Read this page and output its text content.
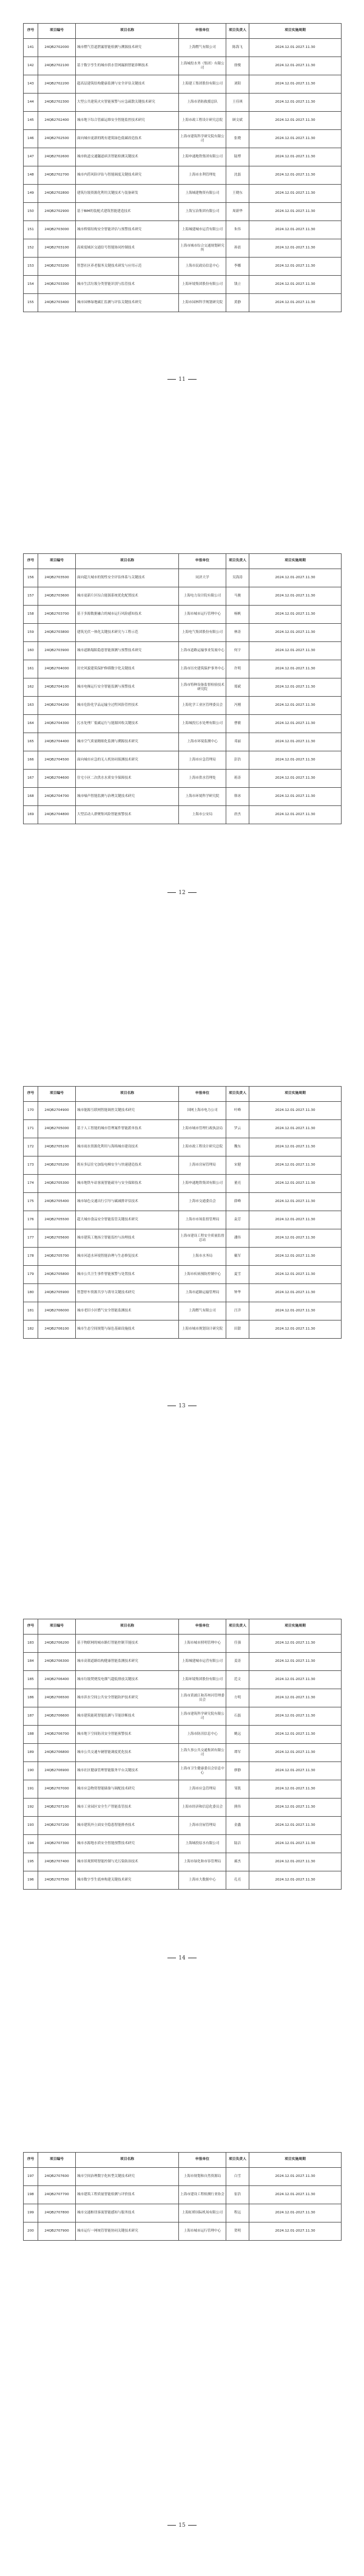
序号	项目编号	项目名称	申报单位	项目负责人	项目实施周期
141	24QB2702000	城市燃气管道泄漏智能检测与溯源技术研究	上海燃气有限公司	陈海飞	2024.12.01-2027.11.30
142	24QB2702100	基于数字孪生的城市供水管网漏损智能诊断技术	上海城投水务（集团）有限公司	徐俊	2024.12.01-2027.11.30
143	24QB2702200	超高层建筑结构健康监测与安全评估关键技术	上海建工集团股份有限公司	刘阳	2024.12.01-2027.11.30
144	24QB2702300	大型公共建筑火灾智能预警与应急疏散关键技术研究	上海市消防救援总队	王佳琪	2024.12.01-2027.11.30
145	24QB2702400	城市地下综合管廊运维安全智能监控技术研究	上海市政工程设计研究总院	顾文斌	2024.12.01-2027.11.30
146	24QB2702500	面向城市更新的既有建筑绿色低碳改造技术	上海市建筑科学研究院有限公司	张晓	2024.12.01-2027.11.30
147	24QB2702600	城市轨道交通隧道病害智能检测关键技术	上海申通地铁集团有限公司	陆博	2024.12.01-2027.11.30
148	24QB2702700	城市内涝风险评估与智能调度关键技术研究	上海市水利管理处	沈磊	2024.12.01-2027.11.30
149	24QB2702800	建筑垃圾资源化利用关键技术与装备研发	上海城建物资有限公司	王晓东	2024.12.01-2027.11.30
150	24QB2702900	基于BIM的装配式建筑智能建造技术	上海宝冶集团有限公司	周新华	2024.12.01-2027.11.30
151	24QB2703000	城市桥梁结构安全智能评估与预警技术研究	上海城建城市运营有限公司	朱伟	2024.12.01-2027.11.30
152	24QB2703100	高密度城区交通信号智能协同控制技术	上海市城市综合交通规划研究所	孙晨	2024.12.01-2027.11.30
153	24QB2703200	智慧社区养老服务关键技术研发与应用示范	上海市民政局信息中心	李娜	2024.12.01-2027.11.30
154	24QB2703300	城市生活垃圾分类智能识别与监管技术	上海环境集团股份有限公司	钱立	2024.12.01-2027.11.30
155	24QB2703400	城市园林绿地碳汇监测与评估关键技术研究	上海市园林科学规划研究院	黄静	2024.12.01-2027.11.30
11
序号	项目编号	项目名称	申报单位	项目负责人	项目实施周期
156	24QB2703500	面向超大城市的韧性安全评估体系与关键技术	同济大学	吴海涛	2024.12.01-2027.11.30
157	24QB2703600	城市更新片区综合能源系统优化配置技术	上海电力设计院有限公司	马骏	2024.12.01-2027.11.30
158	24QB2703700	基于多源数据融合的城市运行风险感知技术	上海市城市运行管理中心	杨帆	2024.12.01-2027.11.30
159	24QB2703800	建筑光伏一体化关键技术研究与工程示范	上海电气集团股份有限公司	林涛	2024.12.01-2027.11.30
160	24QB2703900	城市道路塌陷隐患智能探测与预警技术研究	上海市道路运输事业发展中心	何宇	2024.12.01-2027.11.30
161	24QB2704000	历史风貌建筑保护修缮数字化关键技术	上海市历史建筑保护事务中心	许明	2024.12.01-2027.11.30
162	24QB2704100	城市电梯运行安全智能监测与预警技术	上海市特种设备监督检验技术研究院	郑斌	2024.12.01-2027.11.30
163	24QB2704200	城市危险化学品运输全过程风险管控技术	上海化学工业区管理委员会	冯刚	2024.12.01-2027.11.30
164	24QB2704300	污水处理厂低碳运行与能源回收关键技术	上海城投污水处理有限公司	曹敏	2024.12.01-2027.11.30
165	24QB2704400	城市空气质量精细化监测与溯源技术研究	上海市环境监测中心	邓丽	2024.12.01-2027.11.30
166	24QB2704500	面向城市应急的无人机协同侦测技术研究	上海市应急管理局	彭浩	2024.12.01-2027.11.30
167	24QB2704600	住宅小区二次供水水质安全保障技术	上海市供水管理处	蒋涛	2024.12.01-2027.11.30
168	24QB2704700	城市噪声智能监测与治理关键技术研究	上海市环境科学研究院	韩冰	2024.12.01-2027.11.30
169	24QB2704800	大型活动人群聚集风险智能预警技术	上海市公安局	唐杰	2024.12.01-2027.11.30
12
序号	项目编号	项目名称	申报单位	项目负责人	项目实施周期
170	24QB2704900	城市能源互联网智能调控关键技术研究	国网上海市电力公司	叶峰	2024.12.01-2027.11.30
171	24QB2705000	基于人工智能的城市管理案件智能派单技术	上海市城市管理行政执法局	罗云	2024.12.01-2027.11.30
172	24QB2705100	城市雨水资源化利用与海绵城市建设技术	上海市政工程设计研究总院	魏东	2024.12.01-2027.11.30
173	24QB2705200	既有多层住宅加装电梯安全与快速建造技术	上海市房屋管理局	宋健	2024.12.01-2027.11.30
174	24QB2705300	城市地铁车站客流智能疏导与安全保障技术	上海申通地铁集团有限公司	董亮	2024.12.01-2027.11.30
175	24QB2705400	城市绿色交通出行引导与碳减排评估技术	上海市交通委员会	薛峰	2024.12.01-2027.11.30
176	24QB2705500	超大城市食品安全智能监管关键技术研究	上海市市场监督管理局	袁芳	2024.12.01-2027.11.30
177	24QB2705600	城市建筑工地扬尘智能监控与治理技术	上海市建设工程安全质量监督总站	潘伟	2024.12.01-2027.11.30
178	24QB2705700	城市河道水环境智能治理与生态修复技术	上海市水务局	戴军	2024.12.01-2027.11.30
179	24QB2705800	城市公共卫生事件智能预警与处置技术	上海市疾病预防控制中心	夏雪	2024.12.01-2027.11.30
180	24QB2705900	智慧停车资源共享与诱导关键技术研究	上海市道路运输管理局	钟华	2024.12.01-2027.11.30
181	24QB2706000	城市老旧小区燃气安全智能监测技术	上海燃气有限公司	汪洋	2024.12.01-2027.11.30
182	24QB2706100	城市生态空间规划与绿色基础设施技术	上海市城市规划设计研究院	田甜	2024.12.01-2027.11.30
13
序号	项目编号	项目名称	申报单位	项目负责人	项目实施周期
183	24QB2706200	基于物联网的城市路灯智能控制节能技术	上海市城市照明管理中心	任强	2024.12.01-2027.11.30
184	24QB2706300	城市高架道路结构健康智能监测技术研究	上海城建城市运营有限公司	姜涛	2024.12.01-2027.11.30
185	24QB2706400	城市垃圾焚烧发电烟气超低排放关键技术	上海环境集团股份有限公司	范文	2024.12.01-2027.11.30
186	24QB2706500	城市滨水空间公共安全智能防护技术研究	上海市黄浦江和苏州河管理委员会	方明	2024.12.01-2027.11.30
187	24QB2706600	城市建筑能耗智能监测与节能诊断技术	上海市建筑科学研究院有限公司	石磊	2024.12.01-2027.11.30
188	24QB2706700	城市地下空间防汛安全智能预警技术	上海市防汛信息中心	姚远	2024.12.01-2027.11.30
189	24QB2706800	城市公共交通车辆智能调度优化技术	上海久事公共交通集团有限公司	谭军	2024.12.01-2027.11.30
190	24QB2706900	城市社区健康管理智能服务平台关键技术	上海市卫生健康委员会信息中心	廖静	2024.12.01-2027.11.30
191	24QB2707000	城市应急物资智能储备与调配技术研究	上海市应急管理局	邹凯	2024.12.01-2027.11.30
192	24QB2707100	城市工业园区安全生产智能监管技术	上海市经济和信息化委员会	熊伟	2024.12.01-2027.11.30
193	24QB2707200	城市建筑外立面安全隐患智能排查技术	上海市房屋管理局	金鑫	2024.12.01-2027.11.30
194	24QB2707300	城市水源地水质安全智能预警技术研究	上海城投原水有限公司	陆洁	2024.12.01-2027.11.30
195	24QB2707400	城市景观照明智能控制与光污染防治技术	上海市绿化和市容管理局	郝杰	2024.12.01-2027.11.30
196	24QB2707500	城市数字孪生底座构建关键技术研究	上海市大数据中心	孔亮	2024.12.01-2027.11.30
14
序号	项目编号	项目名称	申报单位	项目负责人	项目实施周期
197	24QB2707600	城市空间治理数字化转型关键技术研究	上海市规划和自然资源局	白雪	2024.12.01-2027.11.30
198	24QB2707700	城市建筑工程质量智能检测与评价技术	上海市建设工程检测行业协会	崔浩	2024.12.01-2027.11.30
199	24QB2707800	城市交通枢纽客流智能感知与服务技术	上海虹桥国际机场有限公司	程远	2024.12.01-2027.11.30
200	24QB2707900	城市运行一网统管智能协同关键技术研究	上海市城市运行管理中心	贺明	2024.12.01-2027.11.30
15
